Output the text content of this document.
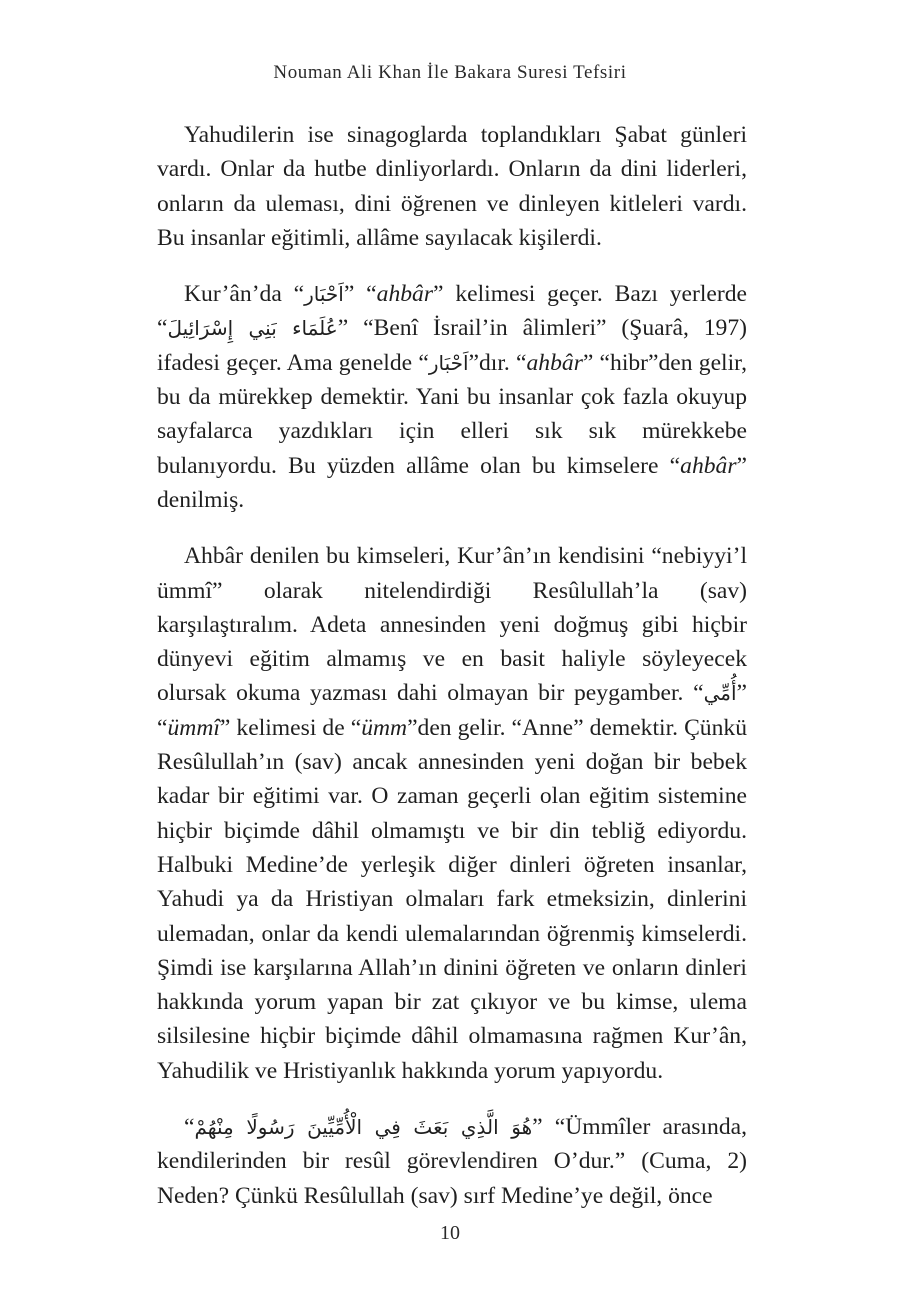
Nouman Ali Khan İle Bakara Suresi Tefsiri

Yahudilerin ise sinagoglarda toplandıkları Şabat günleri vardı. Onlar da hutbe dinliyorlardı. Onların da dini liderleri, onların da uleması, dini öğrenen ve dinleyen kitleleri vardı. Bu insanlar eğitimli, allâme sayılacak kişilerdi.

Kur’ân’da “اَحْبَار” “ahbâr” kelimesi geçer. Bazı yerlerde “عُلَمَاء بَنِي إِسْرَائِيلَ” “Benî İsrail’in âlimleri” (Şuarâ, 197) ifadesi geçer. Ama genelde “اَحْبَار”dır. “ahbâr” “hibr”den gelir, bu da mürekkep demektir. Yani bu insanlar çok fazla okuyup sayfalarca yazdıkları için elleri sık sık mürekkebe bulanıyordu. Bu yüzden allâme olan bu kimselere “ahbâr” denilmiş.

Ahbâr denilen bu kimseleri, Kur’ân’ın kendisini “nebiyyi’l ümmî” olarak nitelendirdiği Resûlullah’la (sav) karşılaştıralım. Adeta annesinden yeni doğmuş gibi hiçbir dünyevi eğitim almamış ve en basit haliyle söyleyecek olursak okuma yazması dahi olmayan bir peygamber. “أُمِّي” “ümmî” kelimesi de “ümm”den gelir. “Anne” demektir. Çünkü Resûlullah’ın (sav) ancak annesinden yeni doğan bir bebek kadar bir eğitimi var. O zaman geçerli olan eğitim sistemine hiçbir biçimde dâhil olmamıştı ve bir din tebliğ ediyordu. Halbuki Medine’de yerleşik diğer dinleri öğreten insanlar, Yahudi ya da Hristiyan olmaları fark etmeksizin, dinlerini ulemadan, onlar da kendi ulemalarından öğrenmiş kimselerdi. Şimdi ise karşılarına Allah’ın dinini öğreten ve onların dinleri hakkında yorum yapan bir zat çıkıyor ve bu kimse, ulema silsilesine hiçbir biçimde dâhil olmamasına rağmen Kur’ân, Yahudilik ve Hristiyanlık hakkında yorum yapıyordu.

“هُوَ الَّذِي بَعَثَ فِي الْأُمِّيِّينَ رَسُولًا مِنْهُمْ” “Ümmîler arasında, kendilerinden bir resûl görevlendiren O’dur.” (Cuma, 2) Neden? Çünkü Resûlullah (sav) sırf Medine’ye değil, önce

10
